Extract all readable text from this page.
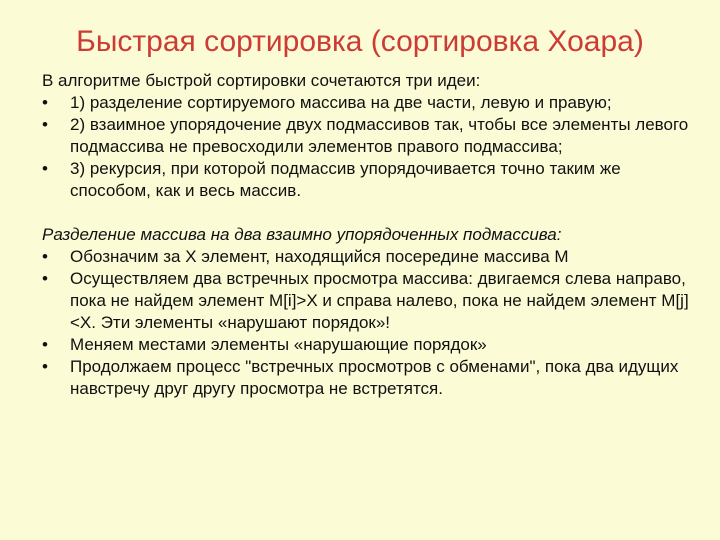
Быстрая сортировка (сортировка Хоара)

В алгоритме быстрой сортировки сочетаются три идеи:

•	1) разделение сортируемого массива на две части, левую и правую;
•	2) взаимное упорядочение двух подмассивов так, чтобы все элементы левого подмассива не превосходили элементов правого подмассива;
•	3) рекурсия, при которой подмассив упорядочивается точно таким же способом, как и весь массив.

Разделение массива на два взаимно упорядоченных подмассива:

•	Обозначим за X элемент, находящийся посередине массива M
•	Осуществляем два встречных просмотра массива: двигаемся слева направо, пока не найдем элемент M[i]>X и справа налево, пока не найдем элемент M[j]<X. Эти элементы «нарушают порядок»!
•	Меняем местами элементы «нарушающие порядок»
•	Продолжаем процесс "встречных просмотров с обменами", пока два идущих навстречу друг другу просмотра не встретятся.
